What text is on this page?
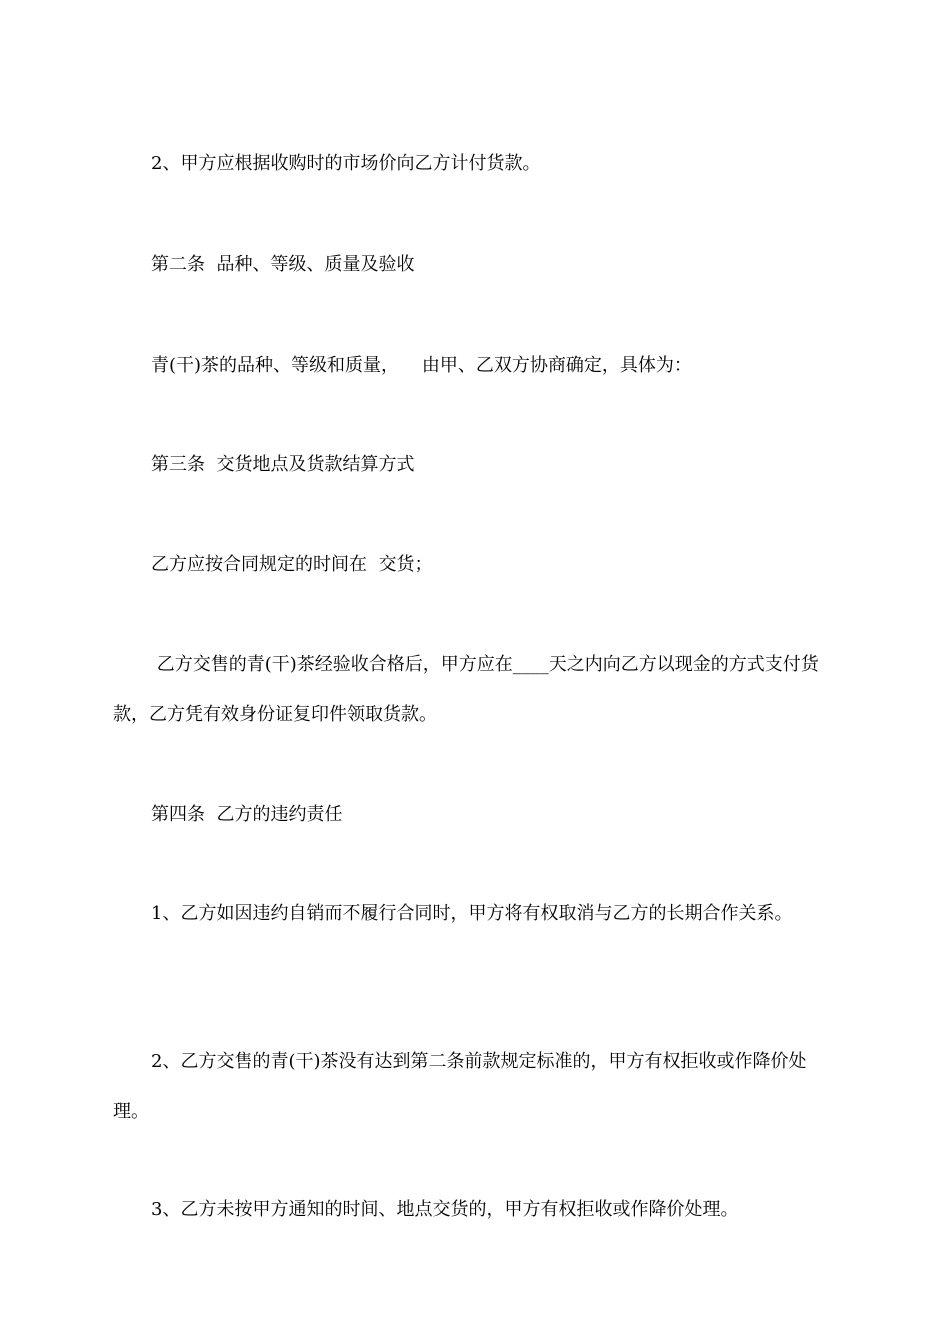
2、甲方应根据收购时的市场价向乙方计付货款。

第二条  品种、等级、质量及验收

青(干)茶的品种、等级和质量，    由甲、乙双方协商确定，具体为：

第三条  交货地点及货款结算方式

乙方应按合同规定的时间在  交货；

乙方交售的青(干)茶经验收合格后，甲方应在____天之内向乙方以现金的方式支付货款，乙方凭有效身份证复印件领取货款。

第四条  乙方的违约责任

1、乙方如因违约自销而不履行合同时，甲方将有权取消与乙方的长期合作关系。

2、乙方交售的青(干)茶没有达到第二条前款规定标准的，甲方有权拒收或作降价处理。

3、乙方未按甲方通知的时间、地点交货的，甲方有权拒收或作降价处理。
